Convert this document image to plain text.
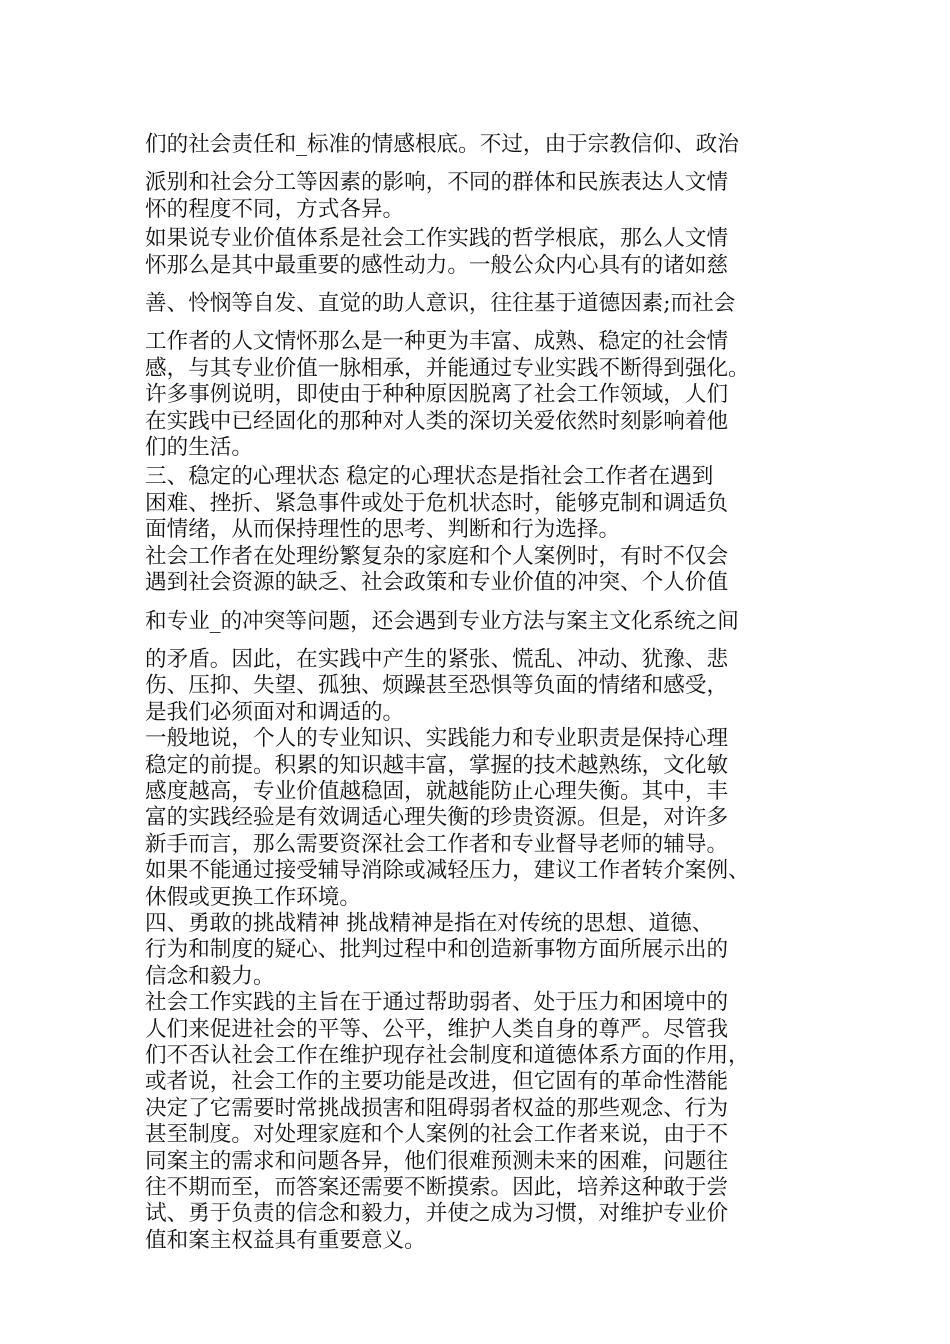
们的社会责任和_标准的情感根底。不过，由于宗教信仰、政治
派别和社会分工等因素的影响，不同的群体和民族表达人文情
怀的程度不同，方式各异。
如果说专业价值体系是社会工作实践的哲学根底，那么人文情
怀那么是其中最重要的感性动力。一般公众内心具有的诸如慈
善、怜悯等自发、直觉的助人意识，往往基于道德因素;而社会
工作者的人文情怀那么是一种更为丰富、成熟、稳定的社会情
感，与其专业价值一脉相承，并能通过专业实践不断得到强化。
许多事例说明，即使由于种种原因脱离了社会工作领域，人们
在实践中已经固化的那种对人类的深切关爱依然时刻影响着他
们的生活。
三、稳定的心理状态 稳定的心理状态是指社会工作者在遇到
困难、挫折、紧急事件或处于危机状态时，能够克制和调适负
面情绪，从而保持理性的思考、判断和行为选择。
社会工作者在处理纷繁复杂的家庭和个人案例时，有时不仅会
遇到社会资源的缺乏、社会政策和专业价值的冲突、个人价值
和专业_的冲突等问题，还会遇到专业方法与案主文化系统之间
的矛盾。因此，在实践中产生的紧张、慌乱、冲动、犹豫、悲
伤、压抑、失望、孤独、烦躁甚至恐惧等负面的情绪和感受，
是我们必须面对和调适的。
一般地说，个人的专业知识、实践能力和专业职责是保持心理
稳定的前提。积累的知识越丰富，掌握的技术越熟练，文化敏
感度越高，专业价值越稳固，就越能防止心理失衡。其中，丰
富的实践经验是有效调适心理失衡的珍贵资源。但是，对许多
新手而言，那么需要资深社会工作者和专业督导老师的辅导。
如果不能通过接受辅导消除或减轻压力，建议工作者转介案例、
休假或更换工作环境。
四、勇敢的挑战精神 挑战精神是指在对传统的思想、道德、
行为和制度的疑心、批判过程中和创造新事物方面所展示出的
信念和毅力。
社会工作实践的主旨在于通过帮助弱者、处于压力和困境中的
人们来促进社会的平等、公平，维护人类自身的尊严。尽管我
们不否认社会工作在维护现存社会制度和道德体系方面的作用，
或者说，社会工作的主要功能是改进，但它固有的革命性潜能
决定了它需要时常挑战损害和阻碍弱者权益的那些观念、行为
甚至制度。对处理家庭和个人案例的社会工作者来说，由于不
同案主的需求和问题各异，他们很难预测未来的困难，问题往
往不期而至，而答案还需要不断摸索。因此，培养这种敢于尝
试、勇于负责的信念和毅力，并使之成为习惯，对维护专业价
值和案主权益具有重要意义。
